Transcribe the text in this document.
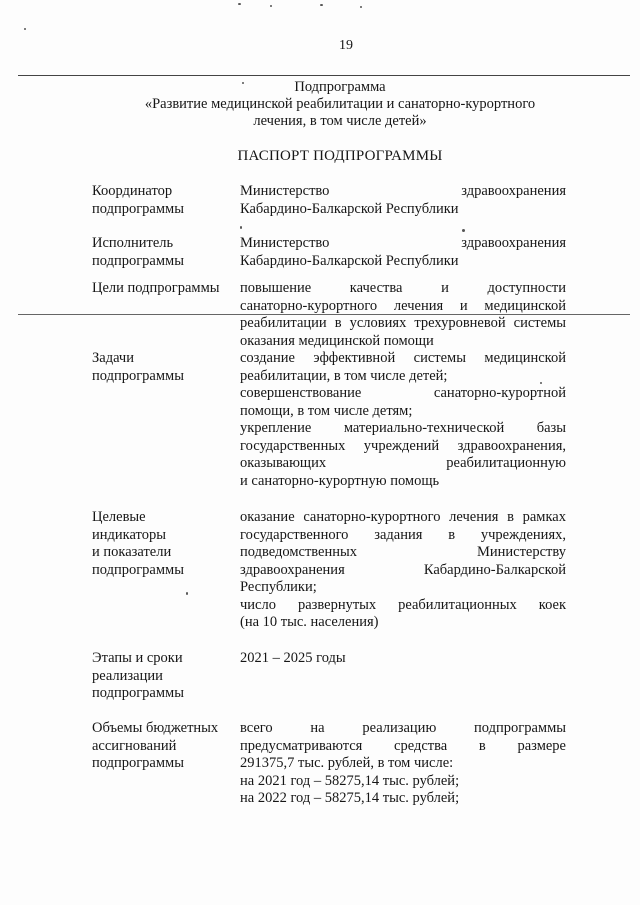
19
Подпрограмма
«Развитие медицинской реабилитации и санаторно-курортного
лечения, в том числе детей»
ПАСПОРТ ПОДПРОГРАММЫ
Координатор
подпрограммы
Министерство здравоохранения
Кабардино-Балкарской Республики
Исполнитель
подпрограммы
Министерство здравоохранения
Кабардино-Балкарской Республики
Цели подпрограммы	повышение качества и доступности
санаторно-курортного лечения и медицинской
реабилитации в условиях трехуровневой системы
оказания медицинской помощи
Задачи
подпрограммы
создание эффективной системы медицинской
реабилитации, в том числе детей;
совершенствование санаторно-курортной
помощи, в том числе детям;
укрепление материально-технической базы
государственных учреждений здравоохранения,
оказывающих реабилитационную
и санаторно-курортную помощь
Целевые
индикаторы
и показатели
подпрограммы
оказание санаторно-курортного лечения в рамках
государственного задания в учреждениях,
подведомственных Министерству
здравоохранения Кабардино-Балкарской
Республики;
число развернутых реабилитационных коек
(на 10 тыс. населения)
Этапы и сроки
реализации
подпрограммы
2021 – 2025 годы
Объемы бюджетных
ассигнований
подпрограммы
всего на реализацию подпрограммы
предусматриваются средства в размере
291375,7 тыс. рублей, в том числе:
на 2021 год – 58275,14 тыс. рублей;
на 2022 год – 58275,14 тыс. рублей;
